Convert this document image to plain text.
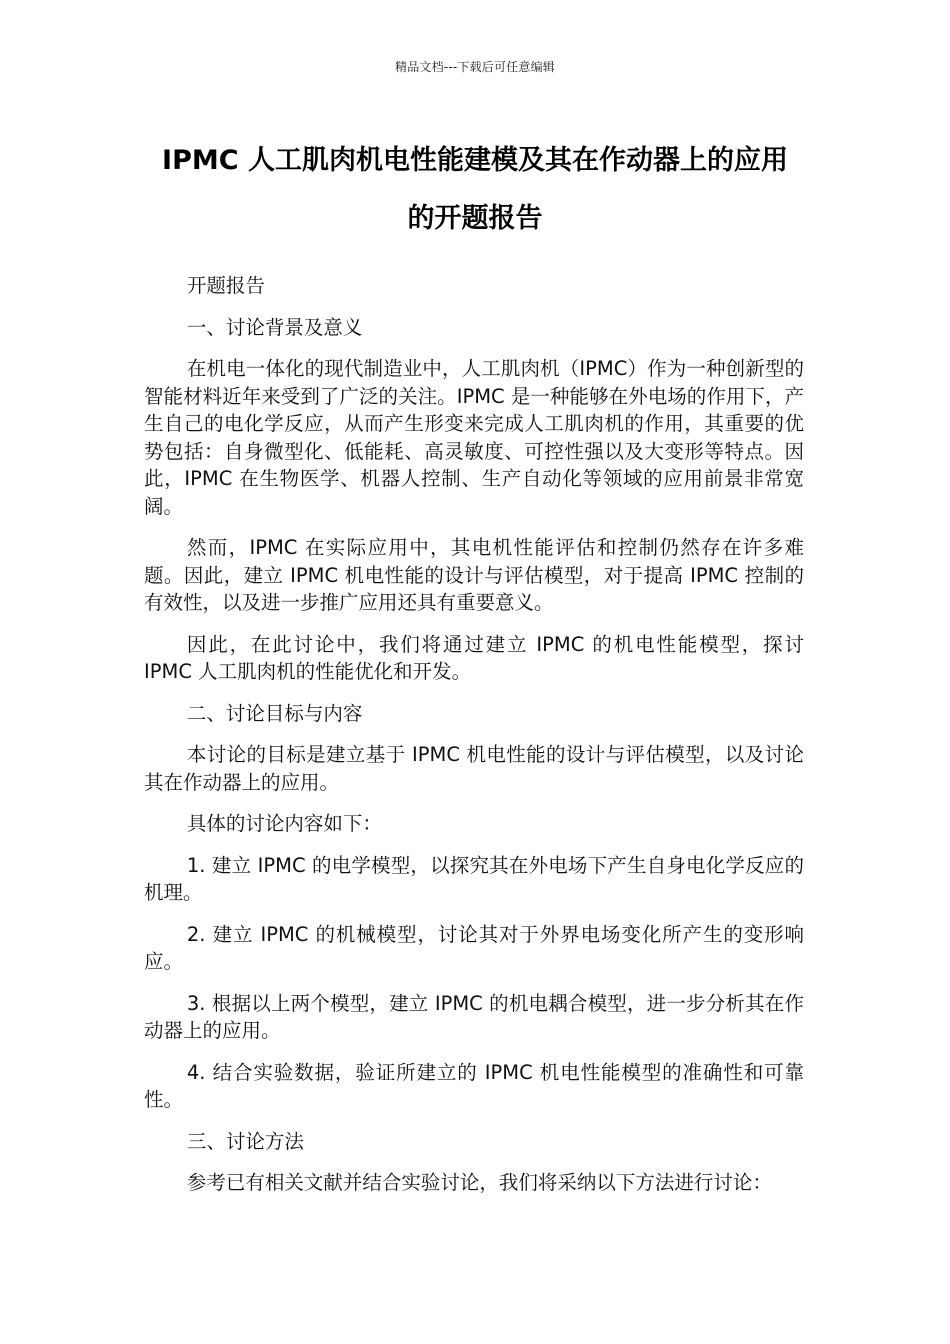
精品文档---下载后可任意编辑
IPMC 人工肌肉机电性能建模及其在作动器上的应用
的开题报告

开题报告

一、讨论背景及意义

在机电一体化的现代制造业中，人工肌肉机（IPMC）作为一种创新型的智能材料近年来受到了广泛的关注。IPMC 是一种能够在外电场的作用下，产生自己的电化学反应，从而产生形变来完成人工肌肉机的作用，其重要的优势包括：自身微型化、低能耗、高灵敏度、可控性强以及大变形等特点。因此，IPMC 在生物医学、机器人控制、生产自动化等领域的应用前景非常宽阔。

然而，IPMC 在实际应用中，其电机性能评估和控制仍然存在许多难题。因此，建立 IPMC 机电性能的设计与评估模型，对于提高 IPMC 控制的有效性，以及进一步推广应用还具有重要意义。

因此，在此讨论中，我们将通过建立 IPMC 的机电性能模型，探讨 IPMC 人工肌肉机的性能优化和开发。

二、讨论目标与内容

本讨论的目标是建立基于 IPMC 机电性能的设计与评估模型，以及讨论其在作动器上的应用。

具体的讨论内容如下：

1. 建立 IPMC 的电学模型，以探究其在外电场下产生自身电化学反应的机理。

2. 建立 IPMC 的机械模型，讨论其对于外界电场变化所产生的变形响应。

3. 根据以上两个模型，建立 IPMC 的机电耦合模型，进一步分析其在作动器上的应用。

4. 结合实验数据，验证所建立的 IPMC 机电性能模型的准确性和可靠性。

三、讨论方法

参考已有相关文献并结合实验讨论，我们将采纳以下方法进行讨论：
